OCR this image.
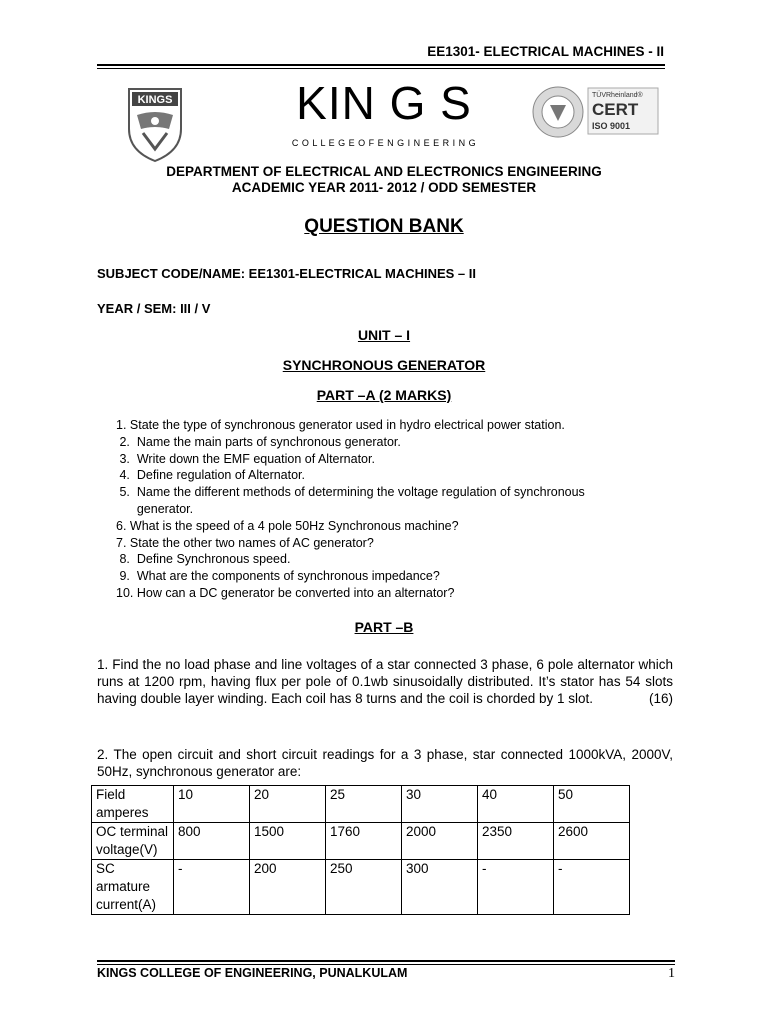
EE1301- ELECTRICAL MACHINES - II
KINGS	KIN G S
C O L L E G E O F E N G I N E E R I N G
TÜVRheinland®
CERT
ISO 9001
DEPARTMENT OF ELECTRICAL AND ELECTRONICS ENGINEERING
ACADEMIC YEAR 2011- 2012 / ODD SEMESTER
QUESTION BANK
SUBJECT CODE/NAME: EE1301-ELECTRICAL MACHINES – II
YEAR / SEM: III / V
UNIT – I
SYNCHRONOUS GENERATOR
PART –A (2 MARKS)
1. State the type of synchronous generator used in hydro electrical power station.
2.  Name the main parts of synchronous generator.
3.  Write down the EMF equation of Alternator.
4.  Define regulation of Alternator.
5.  Name the different methods of determining the voltage regulation of synchronous
generator.
6. What is the speed of a 4 pole 50Hz Synchronous machine?
7. State the other two names of AC generator?
8.  Define Synchronous speed.
9.  What are the components of synchronous impedance?
10. How can a DC generator be converted into an alternator?
PART –B
1. Find the no load phase and line voltages of a star connected 3 phase, 6 pole alternator which runs at 1200 rpm, having flux per pole of 0.1wb sinusoidally distributed. It’s stator has 54 slots having double layer winding. Each coil has 8 turns and the coil is chorded by 1 slot.	(16)
2. The open circuit and short circuit readings for a 3 phase, star connected 1000kVA, 2000V, 50Hz, synchronous generator are:
Field amperes	10	20	25	30	40	50
OC terminal voltage(V)	800	1500	1760	2000	2350	2600
SC armature current(A)	-	200	250	300	-	-
KINGS COLLEGE OF ENGINEERING, PUNALKULAM	1
